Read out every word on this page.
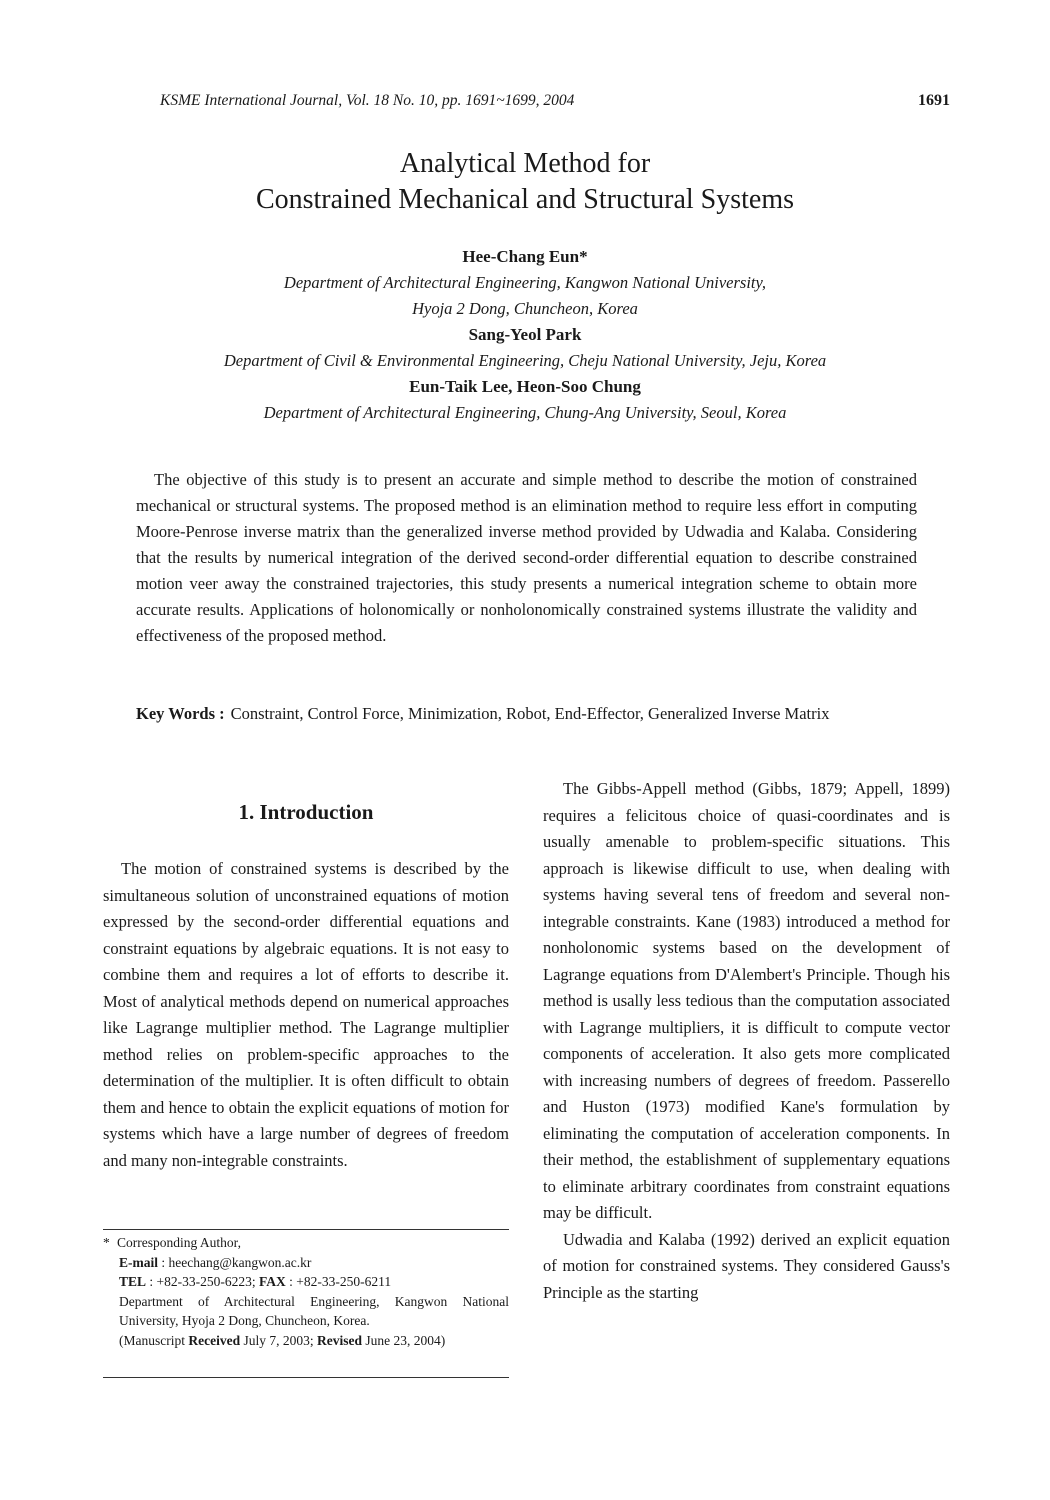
KSME International Journal, Vol. 18 No. 10, pp. 1691~1699, 2004	1691
Analytical Method for
Constrained Mechanical and Structural Systems
Hee-Chang Eun*
Department of Architectural Engineering, Kangwon National University,
Hyoja 2 Dong, Chuncheon, Korea
Sang-Yeol Park
Department of Civil & Environmental Engineering, Cheju National University, Jeju, Korea
Eun-Taik Lee, Heon-Soo Chung
Department of Architectural Engineering, Chung-Ang University, Seoul, Korea

The objective of this study is to present an accurate and simple method to describe the motion of constrained mechanical or structural systems. The proposed method is an elimination method to require less effort in computing Moore-Penrose inverse matrix than the generalized inverse method provided by Udwadia and Kalaba. Considering that the results by numerical integration of the derived second-order differential equation to describe constrained motion veer away the constrained trajectories, this study presents a numerical integration scheme to obtain more accurate results. Applications of holonomically or nonholonomically constrained systems illustrate the validity and effectiveness of the proposed method.

Key Words : Constraint, Control Force, Minimization, Robot, End-Effector, Generalized Inverse Matrix
1. Introduction

The motion of constrained systems is described by the simultaneous solution of unconstrained equations of motion expressed by the second-order differential equations and constraint equations by algebraic equations. It is not easy to combine them and requires a lot of efforts to describe it. Most of analytical methods depend on numerical approaches like Lagrange multiplier method. The Lagrange multiplier method relies on problem-specific approaches to the determination of the multiplier. It is often difficult to obtain them and hence to obtain the explicit equations of motion for systems which have a large number of degrees of freedom and many non-integrable constraints.

* Corresponding Author,
E-mail : heechang@kangwon.ac.kr
TEL : +82-33-250-6223; FAX : +82-33-250-6211
Department of Architectural Engineering, Kangwon National University, Hyoja 2 Dong, Chuncheon, Korea.
(Manuscript Received July 7, 2003; Revised June 23, 2004)

The Gibbs-Appell method (Gibbs, 1879; Appell, 1899) requires a felicitous choice of quasi-coordinates and is usually amenable to problem-specific situations. This approach is likewise difficult to use, when dealing with systems having several tens of freedom and several non-integrable constraints. Kane (1983) introduced a method for nonholonomic systems based on the development of Lagrange equations from D'Alembert's Principle. Though his method is usally less tedious than the computation associated with Lagrange multipliers, it is difficult to compute vector components of acceleration. It also gets more complicated with increasing numbers of degrees of freedom. Passerello and Huston (1973) modified Kane's formulation by eliminating the computation of acceleration components. In their method, the establishment of supplementary equations to eliminate arbitrary coordinates from constraint equations may be difficult.

Udwadia and Kalaba (1992) derived an explicit equation of motion for constrained systems. They considered Gauss's Principle as the starting
